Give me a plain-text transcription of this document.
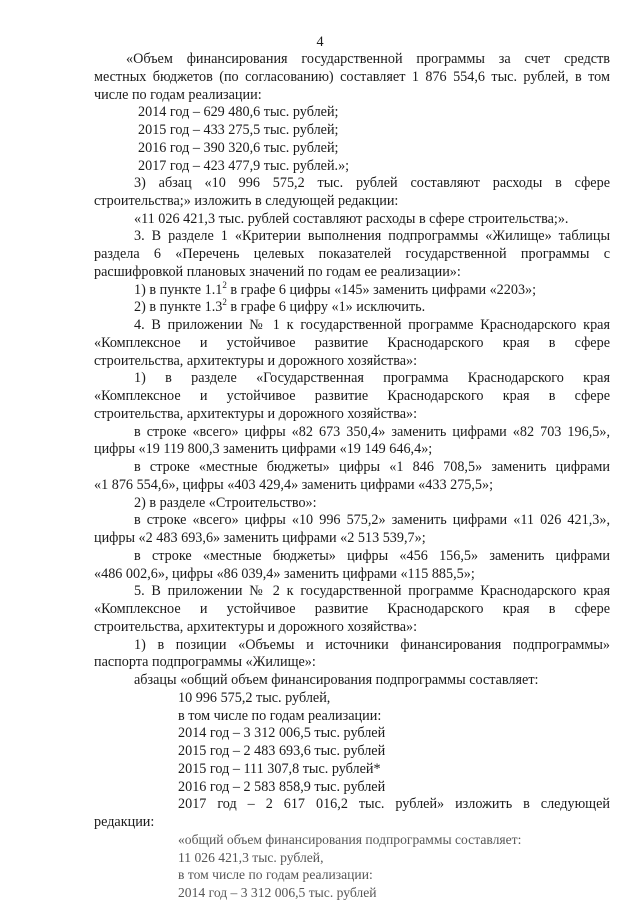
4
«Объем финансирования государственной программы за счет средств
местных бюджетов (по согласованию) составляет 1 876 554,6 тыс. рублей, в том
числе по годам реализации:
2014 год – 629 480,6 тыс. рублей;
2015 год – 433 275,5 тыс. рублей;
2016 год – 390 320,6 тыс. рублей;
2017 год – 423 477,9 тыс. рублей.»;
3) абзац «10 996 575,2 тыс. рублей составляют расходы в сфере
строительства;» изложить в следующей редакции:
«11 026 421,3 тыс. рублей составляют расходы в сфере строительства;».
3. В разделе 1 «Критерии выполнения подпрограммы «Жилище» таблицы
раздела 6 «Перечень целевых показателей государственной программы с
расшифровкой плановых значений по годам ее реализации»:
1) в пункте $1.1^2$ в графе 6 цифры «145» заменить цифрами «2203»;
2) в пункте $1.3^2$ в графе 6 цифру «1» исключить.
4. В приложении № 1 к государственной программе Краснодарского края
«Комплексное и устойчивое развитие Краснодарского края в сфере
строительства, архитектуры и дорожного хозяйства»:
1) в разделе «Государственная программа Краснодарского края
«Комплексное и устойчивое развитие Краснодарского края в сфере
строительства, архитектуры и дорожного хозяйства»:
в строке «всего» цифры «82 673 350,4» заменить цифрами «82 703 196,5»,
цифры «19 119 800,3 заменить цифрами «19 149 646,4»;
в строке «местные бюджеты» цифры «1 846 708,5» заменить цифрами
«1 876 554,6», цифры «403 429,4» заменить цифрами «433 275,5»;
2) в разделе «Строительство»:
в строке «всего» цифры «10 996 575,2» заменить цифрами «11 026 421,3»,
цифры «2 483 693,6» заменить цифрами «2 513 539,7»;
в строке «местные бюджеты» цифры «456 156,5» заменить цифрами
«486 002,6», цифры «86 039,4» заменить цифрами «115 885,5»;
5. В приложении № 2 к государственной программе Краснодарского края
«Комплексное и устойчивое развитие Краснодарского края в сфере
строительства, архитектуры и дорожного хозяйства»:
1) в позиции «Объемы и источники финансирования подпрограммы»
паспорта подпрограммы «Жилище»:
абзацы «общий объем финансирования подпрограммы составляет:
10 996 575,2 тыс. рублей,
в том числе по годам реализации:
2014 год – 3 312 006,5 тыс. рублей
2015 год – 2 483 693,6 тыс. рублей
2015 год – 111 307,8 тыс. рублей*
2016 год – 2 583 858,9 тыс. рублей
2017 год – 2 617 016,2 тыс. рублей» изложить в следующей
редакции:
«общий объем финансирования подпрограммы составляет:
11 026 421,3 тыс. рублей,
в том числе по годам реализации:
2014 год – 3 312 006,5 тыс. рублей
